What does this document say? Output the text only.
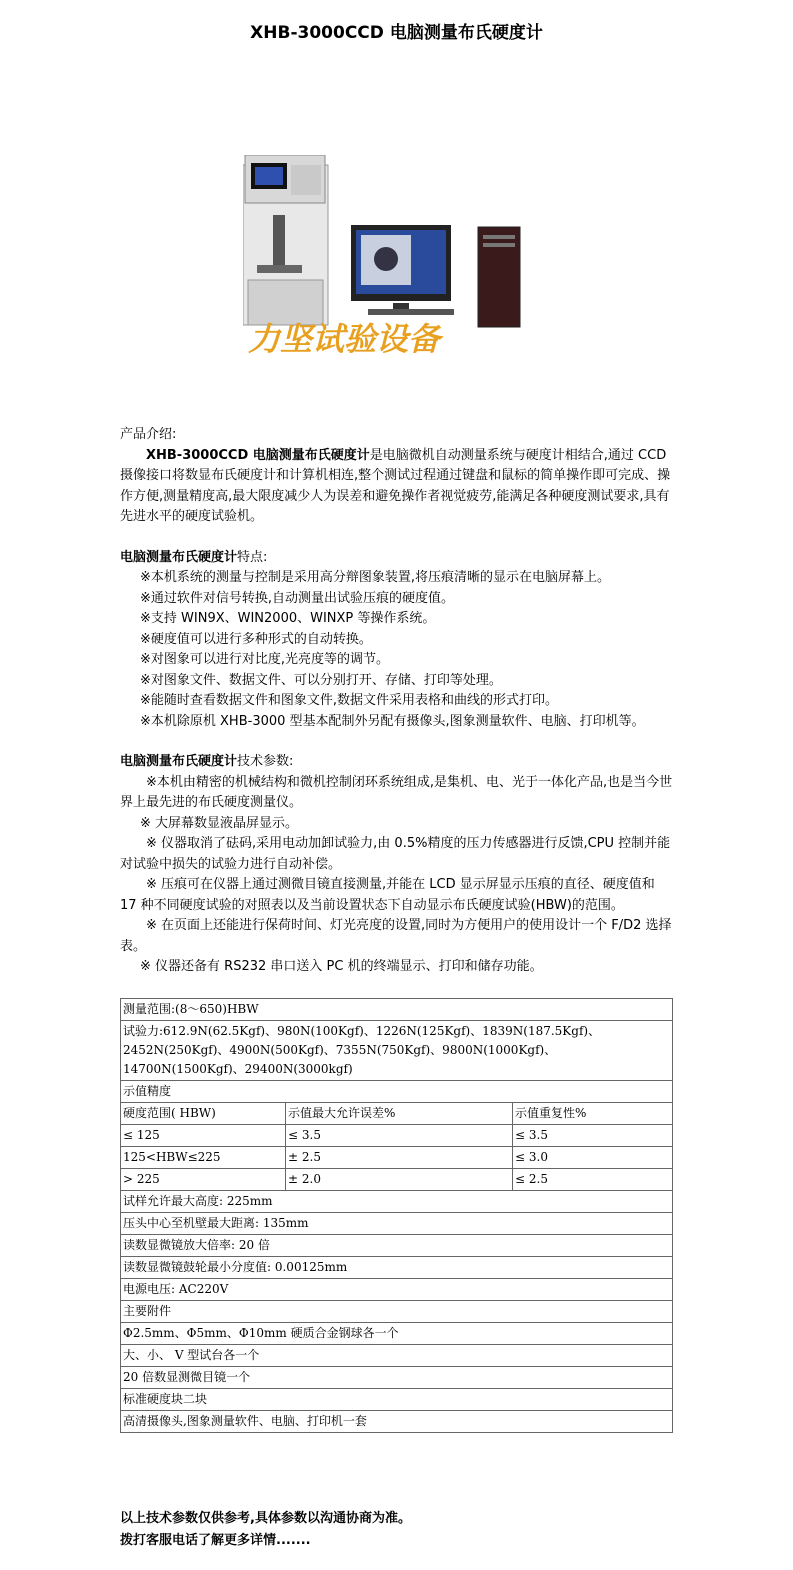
XHB-3000CCD 电脑测量布氏硬度计
力坚试验设备

产品介绍:

XHB-3000CCD 电脑测量布氏硬度计是电脑微机自动测量系统与硬度计相结合,通过 CCD 摄像接口将数显布氏硬度计和计算机相连,整个测试过程通过键盘和鼠标的简单操作即可完成、操作方便,测量精度高,最大限度减少人为误差和避免操作者视觉疲劳,能满足各种硬度测试要求,具有先进水平的硬度试验机。

电脑测量布氏硬度计特点:

※本机系统的测量与控制是采用高分辩图象装置,将压痕清晰的显示在电脑屏幕上。

※通过软件对信号转换,自动测量出试验压痕的硬度值。

※支持 WIN9X、WIN2000、WINXP 等操作系统。

※硬度值可以进行多种形式的自动转换。

※对图象可以进行对比度,光亮度等的调节。

※对图象文件、数据文件、可以分别打开、存储、打印等处理。

※能随时查看数据文件和图象文件,数据文件采用表格和曲线的形式打印。

※本机除原机 XHB-3000 型基本配制外另配有摄像头,图象测量软件、电脑、打印机等。

电脑测量布氏硬度计技术参数:

※本机由精密的机械结构和微机控制闭环系统组成,是集机、电、光于一体化产品,也是当今世界上最先进的布氏硬度测量仪。

※ 大屏幕数显液晶屏显示。

※ 仪器取消了砝码,采用电动加卸试验力,由 0.5%精度的压力传感器进行反馈,CPU 控制并能对试验中损失的试验力进行自动补偿。

※ 压痕可在仪器上通过测微目镜直接测量,并能在 LCD 显示屏显示压痕的直径、硬度值和 17 种不同硬度试验的对照表以及当前设置状态下自动显示布氏硬度试验(HBW)的范围。

※ 在页面上还能进行保荷时间、灯光亮度的设置,同时为方便用户的使用设计一个 F/D2 选择表。

※ 仪器还备有 RS232 串口送入 PC 机的终端显示、打印和储存功能。

测量范围:(8～650)HBW		
试验力:612.9N(62.5Kgf)、980N(100Kgf)、1226N(125Kgf)、1839N(187.5Kgf)、2452N(250Kgf)、4900N(500Kgf)、7355N(750Kgf)、9800N(1000Kgf)、14700N(1500Kgf)、29400N(3000kgf)		
示值精度		
硬度范围( HBW)	示值最大允许误差%	示值重复性%
≤ 125	≤ 3.5	≤ 3.5
125<HBW≤225	± 2.5	≤ 3.0
> 225	± 2.0	≤ 2.5
试样允许最大高度: 225mm		
压头中心至机壁最大距离: 135mm		
读数显微镜放大倍率: 20 倍		
读数显微镜鼓轮最小分度值: 0.00125mm		
电源电压: AC220V		
主要附件		
Φ2.5mm、Φ5mm、Φ10mm 硬质合金钢球各一个		
大、小、 V 型试台各一个		
20 倍数显测微目镜一个		
标准硬度块二块		
高清摄像头,图象测量软件、电脑、打印机一套		

以上技术参数仅供参考,具体参数以沟通协商为准。

拨打客服电话了解更多详情.......
